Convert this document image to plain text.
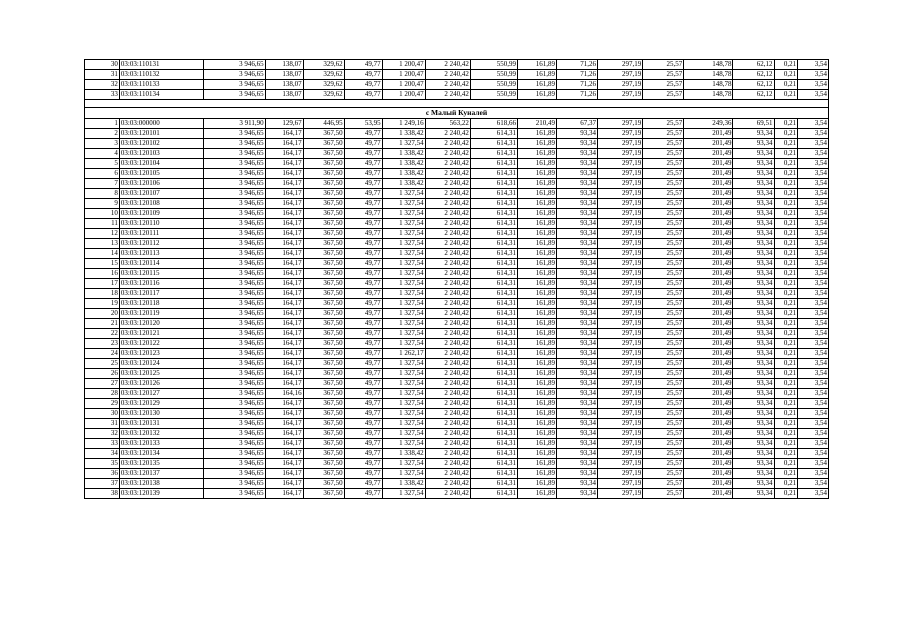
30	03:03:110131	3 946,65	138,07	329,62	49,77	1 200,47	2 240,42	550,99	161,89	71,26	297,19	25,57	148,78	62,12	0,21	3,54
31	03:03:110132	3 946,65	138,07	329,62	49,77	1 200,47	2 240,42	550,99	161,89	71,26	297,19	25,57	148,78	62,12	0,21	3,54
32	03:03:110133	3 946,65	138,07	329,62	49,77	1 200,47	2 240,42	550,99	161,89	71,26	297,19	25,57	148,78	62,12	0,21	3,54
33	03:03:110134	3 946,65	138,07	329,62	49,77	1 200,47	2 240,42	550,99	161,89	71,26	297,19	25,57	148,78	62,12	0,21	3,54

с Малый Куналей																
1	03:03:000000	3 911,90	129,67	446,95	53,95	1 249,16	563,22	618,66	210,49	67,37	297,19	25,57	249,36	69,51	0,21	3,54
2	03:03:120101	3 946,65	164,17	367,50	49,77	1 338,42	2 240,42	614,31	161,89	93,34	297,19	25,57	201,49	93,34	0,21	3,54
3	03:03:120102	3 946,65	164,17	367,50	49,77	1 327,54	2 240,42	614,31	161,89	93,34	297,19	25,57	201,49	93,34	0,21	3,54
4	03:03:120103	3 946,65	164,17	367,50	49,77	1 338,42	2 240,42	614,31	161,89	93,34	297,19	25,57	201,49	93,34	0,21	3,54
5	03:03:120104	3 946,65	164,17	367,50	49,77	1 338,42	2 240,42	614,31	161,89	93,34	297,19	25,57	201,49	93,34	0,21	3,54
6	03:03:120105	3 946,65	164,17	367,50	49,77	1 338,42	2 240,42	614,31	161,89	93,34	297,19	25,57	201,49	93,34	0,21	3,54
7	03:03:120106	3 946,65	164,17	367,50	49,77	1 338,42	2 240,42	614,31	161,89	93,34	297,19	25,57	201,49	93,34	0,21	3,54
8	03:03:120107	3 946,65	164,17	367,50	49,77	1 327,54	2 240,42	614,31	161,89	93,34	297,19	25,57	201,49	93,34	0,21	3,54
9	03:03:120108	3 946,65	164,17	367,50	49,77	1 327,54	2 240,42	614,31	161,89	93,34	297,19	25,57	201,49	93,34	0,21	3,54
10	03:03:120109	3 946,65	164,17	367,50	49,77	1 327,54	2 240,42	614,31	161,89	93,34	297,19	25,57	201,49	93,34	0,21	3,54
11	03:03:120110	3 946,65	164,17	367,50	49,77	1 327,54	2 240,42	614,31	161,89	93,34	297,19	25,57	201,49	93,34	0,21	3,54
12	03:03:120111	3 946,65	164,17	367,50	49,77	1 327,54	2 240,42	614,31	161,89	93,34	297,19	25,57	201,49	93,34	0,21	3,54
13	03:03:120112	3 946,65	164,17	367,50	49,77	1 327,54	2 240,42	614,31	161,89	93,34	297,19	25,57	201,49	93,34	0,21	3,54
14	03:03:120113	3 946,65	164,17	367,50	49,77	1 327,54	2 240,42	614,31	161,89	93,34	297,19	25,57	201,49	93,34	0,21	3,54
15	03:03:120114	3 946,65	164,17	367,50	49,77	1 327,54	2 240,42	614,31	161,89	93,34	297,19	25,57	201,49	93,34	0,21	3,54
16	03:03:120115	3 946,65	164,17	367,50	49,77	1 327,54	2 240,42	614,31	161,89	93,34	297,19	25,57	201,49	93,34	0,21	3,54
17	03:03:120116	3 946,65	164,17	367,50	49,77	1 327,54	2 240,42	614,31	161,89	93,34	297,19	25,57	201,49	93,34	0,21	3,54
18	03:03:120117	3 946,65	164,17	367,50	49,77	1 327,54	2 240,42	614,31	161,89	93,34	297,19	25,57	201,49	93,34	0,21	3,54
19	03:03:120118	3 946,65	164,17	367,50	49,77	1 327,54	2 240,42	614,31	161,89	93,34	297,19	25,57	201,49	93,34	0,21	3,54
20	03:03:120119	3 946,65	164,17	367,50	49,77	1 327,54	2 240,42	614,31	161,89	93,34	297,19	25,57	201,49	93,34	0,21	3,54
21	03:03:120120	3 946,65	164,17	367,50	49,77	1 327,54	2 240,42	614,31	161,89	93,34	297,19	25,57	201,49	93,34	0,21	3,54
22	03:03:120121	3 946,65	164,17	367,50	49,77	1 327,54	2 240,42	614,31	161,89	93,34	297,19	25,57	201,49	93,34	0,21	3,54
23	03:03:120122	3 946,65	164,17	367,50	49,77	1 327,54	2 240,42	614,31	161,89	93,34	297,19	25,57	201,49	93,34	0,21	3,54
24	03:03:120123	3 946,65	164,17	367,50	49,77	1 262,17	2 240,42	614,31	161,89	93,34	297,19	25,57	201,49	93,34	0,21	3,54
25	03:03:120124	3 946,65	164,17	367,50	49,77	1 327,54	2 240,42	614,31	161,89	93,34	297,19	25,57	201,49	93,34	0,21	3,54
26	03:03:120125	3 946,65	164,17	367,50	49,77	1 327,54	2 240,42	614,31	161,89	93,34	297,19	25,57	201,49	93,34	0,21	3,54
27	03:03:120126	3 946,65	164,17	367,50	49,77	1 327,54	2 240,42	614,31	161,89	93,34	297,19	25,57	201,49	93,34	0,21	3,54
28	03:03:120127	3 946,65	164,16	367,50	49,77	1 327,54	2 240,42	614,31	161,89	93,34	297,19	25,57	201,49	93,34	0,21	3,54
29	03:03:120129	3 946,65	164,17	367,50	49,77	1 327,54	2 240,42	614,31	161,89	93,34	297,19	25,57	201,49	93,34	0,21	3,54
30	03:03:120130	3 946,65	164,17	367,50	49,77	1 327,54	2 240,42	614,31	161,89	93,34	297,19	25,57	201,49	93,34	0,21	3,54
31	03:03:120131	3 946,65	164,17	367,50	49,77	1 327,54	2 240,42	614,31	161,89	93,34	297,19	25,57	201,49	93,34	0,21	3,54
32	03:03:120132	3 946,65	164,17	367,50	49,77	1 327,54	2 240,42	614,31	161,89	93,34	297,19	25,57	201,49	93,34	0,21	3,54
33	03:03:120133	3 946,65	164,17	367,50	49,77	1 327,54	2 240,42	614,31	161,89	93,34	297,19	25,57	201,49	93,34	0,21	3,54
34	03:03:120134	3 946,65	164,17	367,50	49,77	1 338,42	2 240,42	614,31	161,89	93,34	297,19	25,57	201,49	93,34	0,21	3,54
35	03:03:120135	3 946,65	164,17	367,50	49,77	1 327,54	2 240,42	614,31	161,89	93,34	297,19	25,57	201,49	93,34	0,21	3,54
36	03:03:120137	3 946,65	164,17	367,50	49,77	1 327,54	2 240,42	614,31	161,89	93,34	297,19	25,57	201,49	93,34	0,21	3,54
37	03:03:120138	3 946,65	164,17	367,50	49,77	1 338,42	2 240,42	614,31	161,89	93,34	297,19	25,57	201,49	93,34	0,21	3,54
38	03:03:120139	3 946,65	164,17	367,50	49,77	1 327,54	2 240,42	614,31	161,89	93,34	297,19	25,57	201,49	93,34	0,21	3,54
